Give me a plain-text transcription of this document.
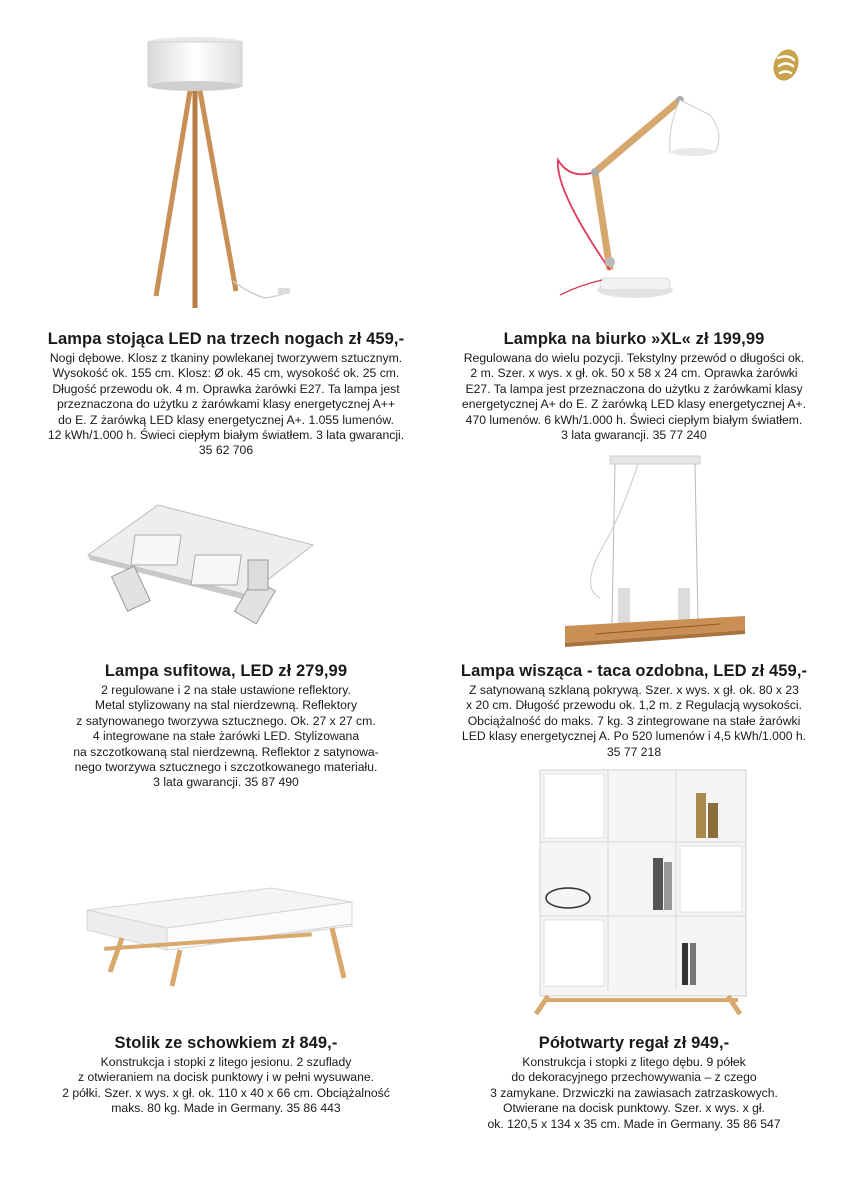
Lampa stojąca LED na trzech nogach zł 459,-
Nogi dębowe. Klosz z tkaniny powlekanej tworzywem sztucznym.
Wysokość ok. 155 cm. Klosz: Ø ok. 45 cm, wysokość ok. 25 cm.
Długość przewodu ok. 4 m. Oprawka żarówki E27. Ta lampa jest
przeznaczona do użytku z żarówkami klasy energetycznej A++
do E. Z żarówką LED klasy energetycznej A+. 1.055 lumenów.
12 kWh/1.000 h. Świeci ciepłym białym światłem. 3 lata gwarancji.
35 62 706
Lampka na biurko »XL« zł 199,99
Regulowana do wielu pozycji. Tekstylny przewód o długości ok.
2 m. Szer. x wys. x gł. ok. 50 x 58 x 24 cm. Oprawka żarówki
E27. Ta lampa jest przeznaczona do użytku z żarówkami klasy
energetycznej A+ do E. Z żarówką LED klasy energetycznej A+.
470 lumenów. 6 kWh/1.000 h. Świeci ciepłym białym światłem.
3 lata gwarancji. 35 77 240
Lampa sufitowa, LED zł 279,99
2 regulowane i 2 na stałe ustawione reflektory.
Metal stylizowany na stal nierdzewną. Reflektory
z satynowanego tworzywa sztucznego. Ok. 27 x 27 cm.
4 integrowane na stałe żarówki LED. Stylizowana
na szczotkowaną stal nierdzewną. Reflektor z satynowa-
nego tworzywa sztucznego i szczotkowanego materiału.
3 lata gwarancji. 35 87 490
Lampa wisząca - taca ozdobna, LED zł 459,-
Z satynowaną szklaną pokrywą. Szer. x wys. x gł. ok. 80 x 23
x 20 cm. Długość przewodu ok. 1,2 m. z Regulacją wysokości.
Obciążalność do maks. 7 kg. 3 zintegrowane na stałe żarówki
LED klasy energetycznej A. Po 520 lumenów i 4,5 kWh/1.000 h.
35 77 218
Stolik ze schowkiem zł 849,-
Konstrukcja i stopki z litego jesionu. 2 szuflady
z otwieraniem na docisk punktowy i w pełni wysuwane.
2 półki. Szer. x wys. x gł. ok. 110 x 40 x 66 cm. Obciążalność
maks. 80 kg. Made in Germany. 35 86 443
Półotwarty regał zł 949,-
Konstrukcja i stopki z litego dębu. 9 półek
do dekoracyjnego przechowywania – z czego
3 zamykane. Drzwiczki na zawiasach zatrzaskowych.
Otwierane na docisk punktowy. Szer. x wys. x gł.
ok. 120,5 x 134 x 35 cm. Made in Germany. 35 86 547
